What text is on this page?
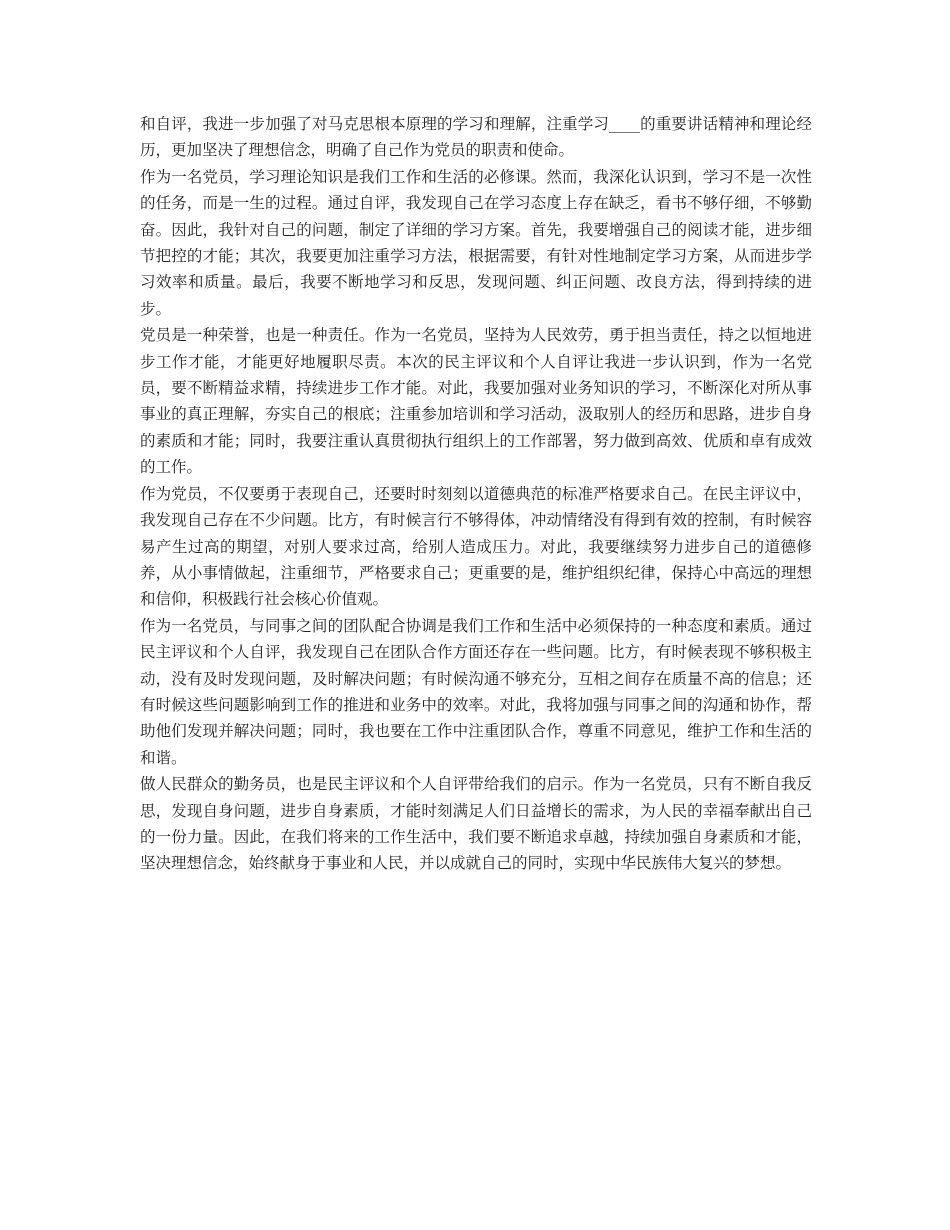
和自评，我进一步加强了对马克思根本原理的学习和理解，注重学习____的重要讲话精神和理论经历，更加坚决了理想信念，明确了自己作为党员的职责和使命。

作为一名党员，学习理论知识是我们工作和生活的必修课。然而，我深化认识到，学习不是一次性的任务，而是一生的过程。通过自评，我发现自己在学习态度上存在缺乏，看书不够仔细，不够勤奋。因此，我针对自己的问题，制定了详细的学习方案。首先，我要增强自己的阅读才能，进步细节把控的才能；其次，我要更加注重学习方法，根据需要，有针对性地制定学习方案，从而进步学习效率和质量。最后，我要不断地学习和反思，发现问题、纠正问题、改良方法，得到持续的进步。

党员是一种荣誉，也是一种责任。作为一名党员，坚持为人民效劳，勇于担当责任，持之以恒地进步工作才能，才能更好地履职尽责。本次的民主评议和个人自评让我进一步认识到，作为一名党员，要不断精益求精，持续进步工作才能。对此，我要加强对业务知识的学习，不断深化对所从事事业的真正理解，夯实自己的根底；注重参加培训和学习活动，汲取别人的经历和思路，进步自身的素质和才能；同时，我要注重认真贯彻执行组织上的工作部署，努力做到高效、优质和卓有成效的工作。

作为党员，不仅要勇于表现自己，还要时时刻刻以道德典范的标准严格要求自己。在民主评议中，我发现自己存在不少问题。比方，有时候言行不够得体，冲动情绪没有得到有效的控制，有时候容易产生过高的期望，对别人要求过高，给别人造成压力。对此，我要继续努力进步自己的道德修养，从小事情做起，注重细节，严格要求自己；更重要的是，维护组织纪律，保持心中高远的理想和信仰，积极践行社会核心价值观。

作为一名党员，与同事之间的团队配合协调是我们工作和生活中必须保持的一种态度和素质。通过民主评议和个人自评，我发现自己在团队合作方面还存在一些问题。比方，有时候表现不够积极主动，没有及时发现问题，及时解决问题；有时候沟通不够充分，互相之间存在质量不高的信息；还有时候这些问题影响到工作的推进和业务中的效率。对此，我将加强与同事之间的沟通和协作，帮助他们发现并解决问题；同时，我也要在工作中注重团队合作，尊重不同意见，维护工作和生活的和谐。

做人民群众的勤务员，也是民主评议和个人自评带给我们的启示。作为一名党员，只有不断自我反思，发现自身问题，进步自身素质，才能时刻满足人们日益增长的需求，为人民的幸福奉献出自己的一份力量。因此，在我们将来的工作生活中，我们要不断追求卓越，持续加强自身素质和才能，坚决理想信念，始终献身于事业和人民，并以成就自己的同时，实现中华民族伟大复兴的梦想。
